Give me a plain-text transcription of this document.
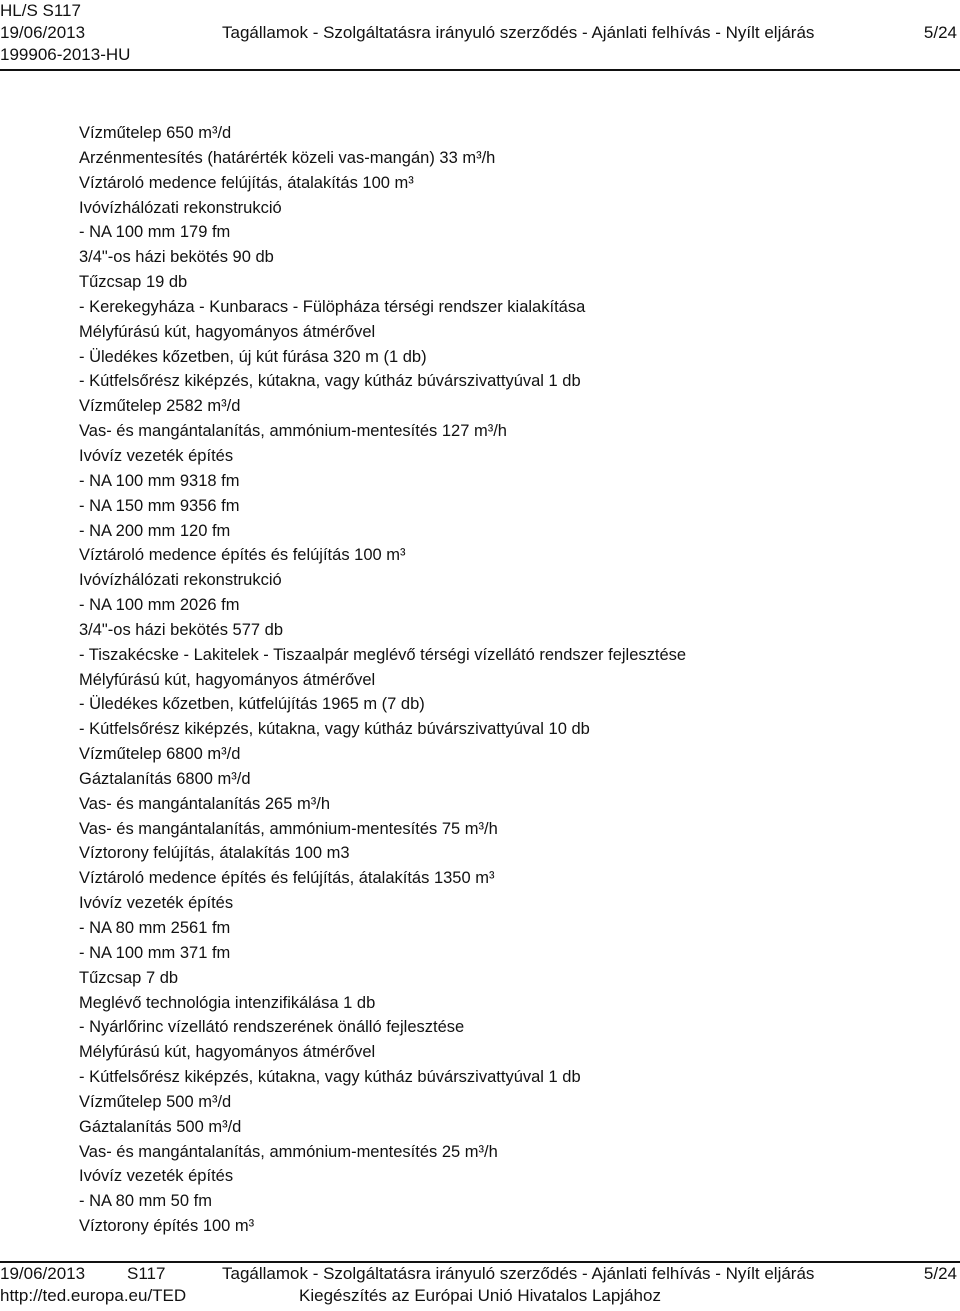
HL/S S117
19/06/2013	Tagállamok - Szolgáltatásra irányuló szerződés - Ajánlati felhívás - Nyílt eljárás	5/24
199906-2013-HU
Vízműtelep 650 m³/d
Arzénmentesítés (határérték közeli vas-mangán) 33 m³/h
Víztároló medence felújítás, átalakítás 100 m³
Ivóvízhálózati rekonstrukció
- NA 100 mm 179 fm
3/4"-os házi bekötés 90 db
Tűzcsap 19 db
- Kerekegyháza - Kunbaracs - Fülöpháza térségi rendszer kialakítása
Mélyfúrású kút, hagyományos átmérővel
- Üledékes kőzetben, új kút fúrása 320 m (1 db)
- Kútfelsőrész kiképzés, kútakna, vagy kútház búvárszivattyúval 1 db
Vízműtelep 2582 m³/d
Vas- és mangántalanítás, ammónium-mentesítés 127 m³/h
Ivóvíz vezeték építés
- NA 100 mm 9318 fm
- NA 150 mm 9356 fm
- NA 200 mm 120 fm
Víztároló medence építés és felújítás 100 m³
Ivóvízhálózati rekonstrukció
- NA 100 mm 2026 fm
3/4"-os házi bekötés 577 db
- Tiszakécske - Lakitelek - Tiszaalpár meglévő térségi vízellátó rendszer fejlesztése
Mélyfúrású kút, hagyományos átmérővel
- Üledékes kőzetben, kútfelújítás 1965 m (7 db)
- Kútfelsőrész kiképzés, kútakna, vagy kútház búvárszivattyúval 10 db
Vízműtelep 6800 m³/d
Gáztalanítás 6800 m³/d
Vas- és mangántalanítás 265 m³/h
Vas- és mangántalanítás, ammónium-mentesítés 75 m³/h
Víztorony felújítás, átalakítás 100 m3
Víztároló medence építés és felújítás, átalakítás 1350 m³
Ivóvíz vezeték építés
- NA 80 mm 2561 fm
- NA 100 mm 371 fm
Tűzcsap 7 db
Meglévő technológia intenzifikálása 1 db
- Nyárlőrinc vízellátó rendszerének önálló fejlesztése
Mélyfúrású kút, hagyományos átmérővel
- Kútfelsőrész kiképzés, kútakna, vagy kútház búvárszivattyúval 1 db
Vízműtelep 500 m³/d
Gáztalanítás 500 m³/d
Vas- és mangántalanítás, ammónium-mentesítés 25 m³/h
Ivóvíz vezeték építés
- NA 80 mm 50 fm
Víztorony építés 100 m³
19/06/2013 S117	Tagállamok - Szolgáltatásra irányuló szerződés - Ajánlati felhívás - Nyílt eljárás	5/24
http://ted.europa.eu/TED	Kiegészítés az Európai Unió Hivatalos Lapjához
